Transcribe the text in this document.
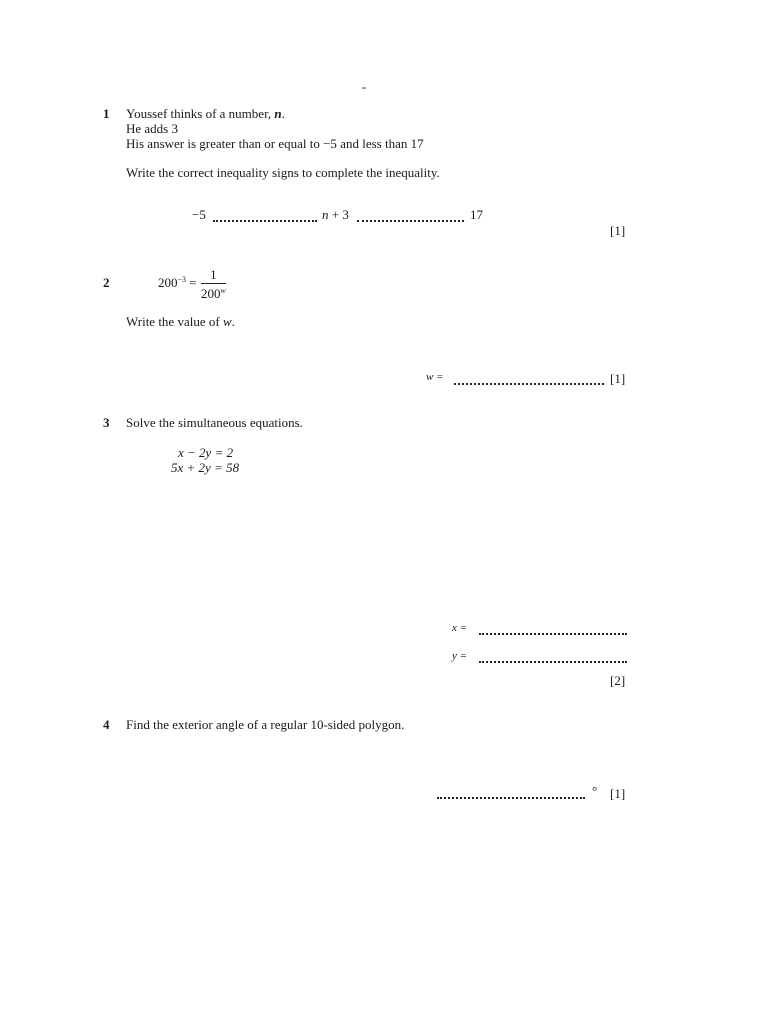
-
1 Youssef thinks of a number, n.
He adds 3
His answer is greater than or equal to −5 and less than 17
Write the correct inequality signs to complete the inequality.
−5	n + 3	17
[1]
2	$200^{-3}$ =
1
200$^w$
Write the value of w.
w =	[1]
3 Solve the simultaneous equations.
x − 2y = 2
5x + 2y = 58
x =
y =
[2]
4 Find the exterior angle of a regular 10-sided polygon.
° [1]
